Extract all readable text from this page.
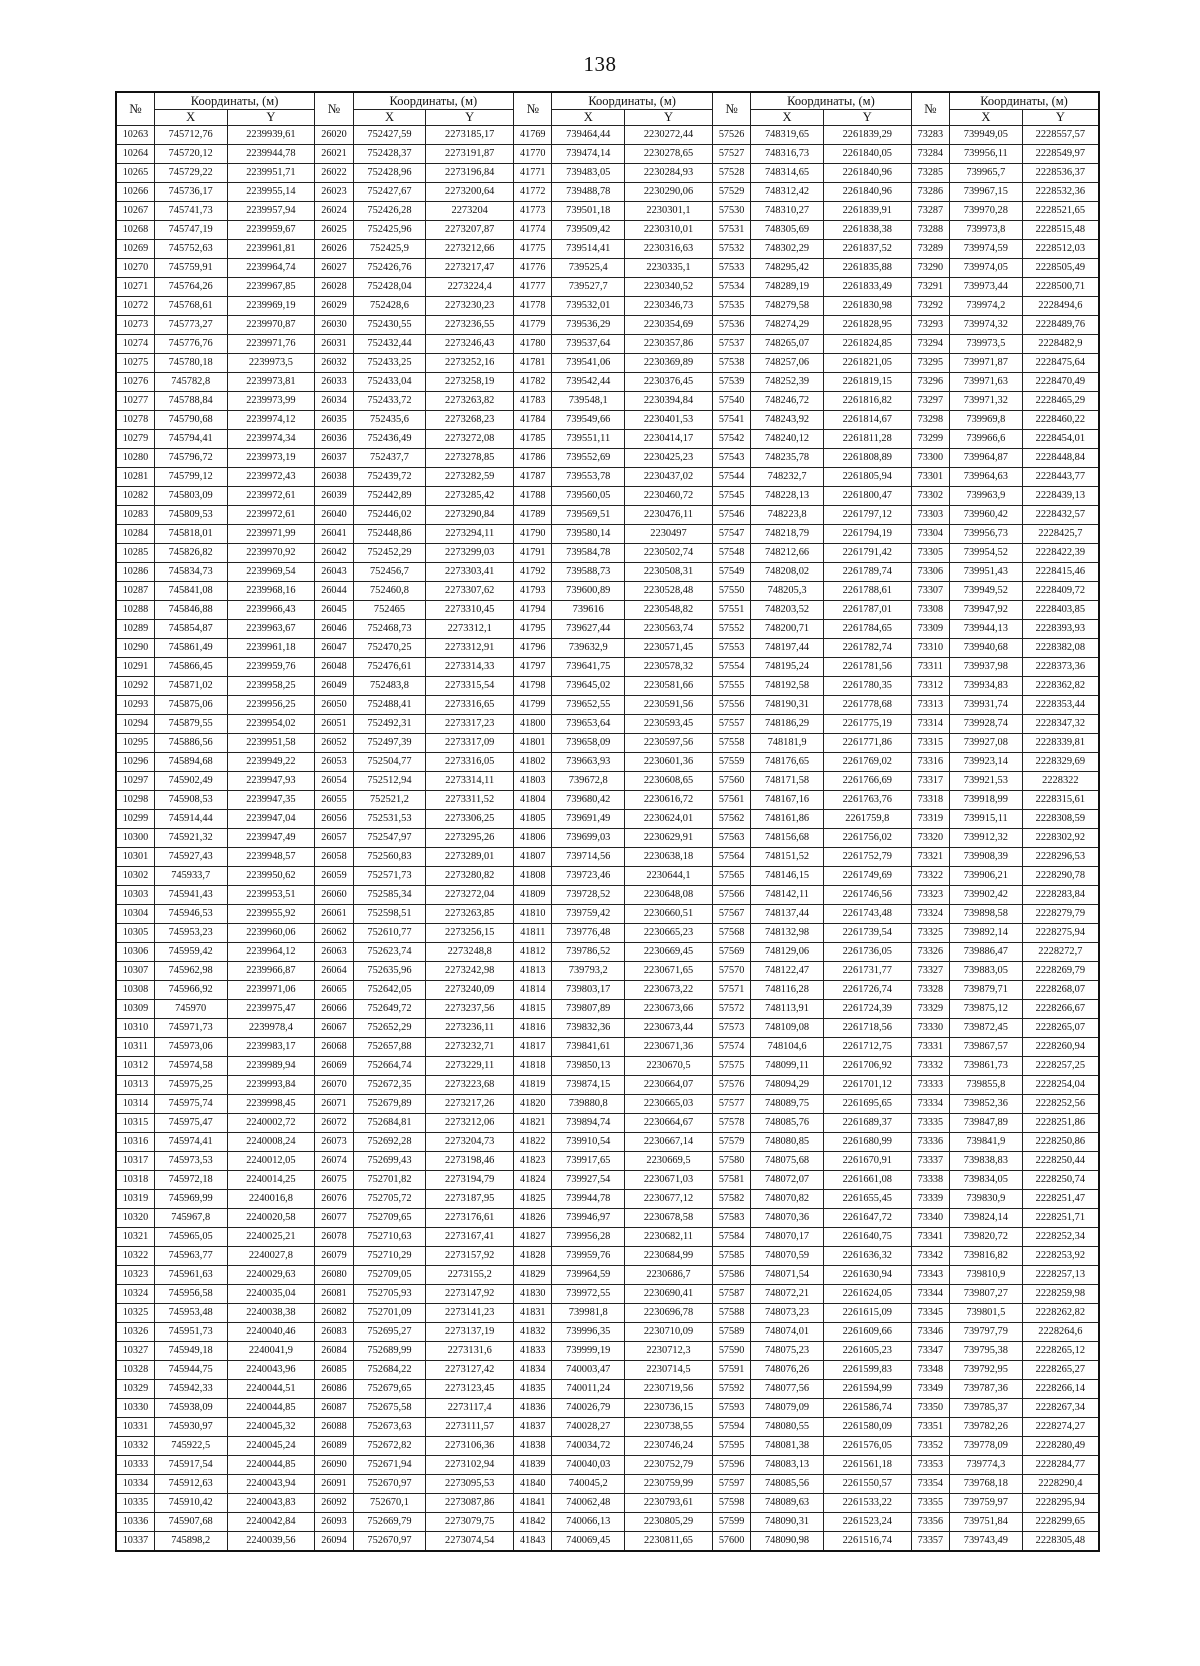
138
№	Координаты, (м)		№	Координаты, (м)		№	Координаты, (м)		№	Координаты, (м)		№	Координаты, (м)	
	X	Y		X	Y		X	Y		X	Y		X	Y
10263	745712,76	2239939,61	26020	752427,59	2273185,17	41769	739464,44	2230272,44	57526	748319,65	2261839,29	73283	739949,05	2228557,57
10264	745720,12	2239944,78	26021	752428,37	2273191,87	41770	739474,14	2230278,65	57527	748316,73	2261840,05	73284	739956,11	2228549,97
10265	745729,22	2239951,71	26022	752428,96	2273196,84	41771	739483,05	2230284,93	57528	748314,65	2261840,96	73285	739965,7	2228536,37
10266	745736,17	2239955,14	26023	752427,67	2273200,64	41772	739488,78	2230290,06	57529	748312,42	2261840,96	73286	739967,15	2228532,36
10267	745741,73	2239957,94	26024	752426,28	2273204	41773	739501,18	2230301,1	57530	748310,27	2261839,91	73287	739970,28	2228521,65
10268	745747,19	2239959,67	26025	752425,96	2273207,87	41774	739509,42	2230310,01	57531	748305,69	2261838,38	73288	739973,8	2228515,48
10269	745752,63	2239961,81	26026	752425,9	2273212,66	41775	739514,41	2230316,63	57532	748302,29	2261837,52	73289	739974,59	2228512,03
10270	745759,91	2239964,74	26027	752426,76	2273217,47	41776	739525,4	2230335,1	57533	748295,42	2261835,88	73290	739974,05	2228505,49
10271	745764,26	2239967,85	26028	752428,04	2273224,4	41777	739527,7	2230340,52	57534	748289,19	2261833,49	73291	739973,44	2228500,71
10272	745768,61	2239969,19	26029	752428,6	2273230,23	41778	739532,01	2230346,73	57535	748279,58	2261830,98	73292	739974,2	2228494,6
10273	745773,27	2239970,87	26030	752430,55	2273236,55	41779	739536,29	2230354,69	57536	748274,29	2261828,95	73293	739974,32	2228489,76
10274	745776,76	2239971,76	26031	752432,44	2273246,43	41780	739537,64	2230357,86	57537	748265,07	2261824,85	73294	739973,5	2228482,9
10275	745780,18	2239973,5	26032	752433,25	2273252,16	41781	739541,06	2230369,89	57538	748257,06	2261821,05	73295	739971,87	2228475,64
10276	745782,8	2239973,81	26033	752433,04	2273258,19	41782	739542,44	2230376,45	57539	748252,39	2261819,15	73296	739971,63	2228470,49
10277	745788,84	2239973,99	26034	752433,72	2273263,82	41783	739548,1	2230394,84	57540	748246,72	2261816,82	73297	739971,32	2228465,29
10278	745790,68	2239974,12	26035	752435,6	2273268,23	41784	739549,66	2230401,53	57541	748243,92	2261814,67	73298	739969,8	2228460,22
10279	745794,41	2239974,34	26036	752436,49	2273272,08	41785	739551,11	2230414,17	57542	748240,12	2261811,28	73299	739966,6	2228454,01
10280	745796,72	2239973,19	26037	752437,7	2273278,85	41786	739552,69	2230425,23	57543	748235,78	2261808,89	73300	739964,87	2228448,84
10281	745799,12	2239972,43	26038	752439,72	2273282,59	41787	739553,78	2230437,02	57544	748232,7	2261805,94	73301	739964,63	2228443,77
10282	745803,09	2239972,61	26039	752442,89	2273285,42	41788	739560,05	2230460,72	57545	748228,13	2261800,47	73302	739963,9	2228439,13
10283	745809,53	2239972,61	26040	752446,02	2273290,84	41789	739569,51	2230476,11	57546	748223,8	2261797,12	73303	739960,42	2228432,57
10284	745818,01	2239971,99	26041	752448,86	2273294,11	41790	739580,14	2230497	57547	748218,79	2261794,19	73304	739956,73	2228425,7
10285	745826,82	2239970,92	26042	752452,29	2273299,03	41791	739584,78	2230502,74	57548	748212,66	2261791,42	73305	739954,52	2228422,39
10286	745834,73	2239969,54	26043	752456,7	2273303,41	41792	739588,73	2230508,31	57549	748208,02	2261789,74	73306	739951,43	2228415,46
10287	745841,08	2239968,16	26044	752460,8	2273307,62	41793	739600,89	2230528,48	57550	748205,3	2261788,61	73307	739949,52	2228409,72
10288	745846,88	2239966,43	26045	752465	2273310,45	41794	739616	2230548,82	57551	748203,52	2261787,01	73308	739947,92	2228403,85
10289	745854,87	2239963,67	26046	752468,73	2273312,1	41795	739627,44	2230563,74	57552	748200,71	2261784,65	73309	739944,13	2228393,93
10290	745861,49	2239961,18	26047	752470,25	2273312,91	41796	739632,9	2230571,45	57553	748197,44	2261782,74	73310	739940,68	2228382,08
10291	745866,45	2239959,76	26048	752476,61	2273314,33	41797	739641,75	2230578,32	57554	748195,24	2261781,56	73311	739937,98	2228373,36
10292	745871,02	2239958,25	26049	752483,8	2273315,54	41798	739645,02	2230581,66	57555	748192,58	2261780,35	73312	739934,83	2228362,82
10293	745875,06	2239956,25	26050	752488,41	2273316,65	41799	739652,55	2230591,56	57556	748190,31	2261778,68	73313	739931,74	2228353,44
10294	745879,55	2239954,02	26051	752492,31	2273317,23	41800	739653,64	2230593,45	57557	748186,29	2261775,19	73314	739928,74	2228347,32
10295	745886,56	2239951,58	26052	752497,39	2273317,09	41801	739658,09	2230597,56	57558	748181,9	2261771,86	73315	739927,08	2228339,81
10296	745894,68	2239949,22	26053	752504,77	2273316,05	41802	739663,93	2230601,36	57559	748176,65	2261769,02	73316	739923,14	2228329,69
10297	745902,49	2239947,93	26054	752512,94	2273314,11	41803	739672,8	2230608,65	57560	748171,58	2261766,69	73317	739921,53	2228322
10298	745908,53	2239947,35	26055	752521,2	2273311,52	41804	739680,42	2230616,72	57561	748167,16	2261763,76	73318	739918,99	2228315,61
10299	745914,44	2239947,04	26056	752531,53	2273306,25	41805	739691,49	2230624,01	57562	748161,86	2261759,8	73319	739915,11	2228308,59
10300	745921,32	2239947,49	26057	752547,97	2273295,26	41806	739699,03	2230629,91	57563	748156,68	2261756,02	73320	739912,32	2228302,92
10301	745927,43	2239948,57	26058	752560,83	2273289,01	41807	739714,56	2230638,18	57564	748151,52	2261752,79	73321	739908,39	2228296,53
10302	745933,7	2239950,62	26059	752571,73	2273280,82	41808	739723,46	2230644,1	57565	748146,15	2261749,69	73322	739906,21	2228290,78
10303	745941,43	2239953,51	26060	752585,34	2273272,04	41809	739728,52	2230648,08	57566	748142,11	2261746,56	73323	739902,42	2228283,84
10304	745946,53	2239955,92	26061	752598,51	2273263,85	41810	739759,42	2230660,51	57567	748137,44	2261743,48	73324	739898,58	2228279,79
10305	745953,23	2239960,06	26062	752610,77	2273256,15	41811	739776,48	2230665,23	57568	748132,98	2261739,54	73325	739892,14	2228275,94
10306	745959,42	2239964,12	26063	752623,74	2273248,8	41812	739786,52	2230669,45	57569	748129,06	2261736,05	73326	739886,47	2228272,7
10307	745962,98	2239966,87	26064	752635,96	2273242,98	41813	739793,2	2230671,65	57570	748122,47	2261731,77	73327	739883,05	2228269,79
10308	745966,92	2239971,06	26065	752642,05	2273240,09	41814	739803,17	2230673,22	57571	748116,28	2261726,74	73328	739879,71	2228268,07
10309	745970	2239975,47	26066	752649,72	2273237,56	41815	739807,89	2230673,66	57572	748113,91	2261724,39	73329	739875,12	2228266,67
10310	745971,73	2239978,4	26067	752652,29	2273236,11	41816	739832,36	2230673,44	57573	748109,08	2261718,56	73330	739872,45	2228265,07
10311	745973,06	2239983,17	26068	752657,88	2273232,71	41817	739841,61	2230671,36	57574	748104,6	2261712,75	73331	739867,57	2228260,94
10312	745974,58	2239989,94	26069	752664,74	2273229,11	41818	739850,13	2230670,5	57575	748099,11	2261706,92	73332	739861,73	2228257,25
10313	745975,25	2239993,84	26070	752672,35	2273223,68	41819	739874,15	2230664,07	57576	748094,29	2261701,12	73333	739855,8	2228254,04
10314	745975,74	2239998,45	26071	752679,89	2273217,26	41820	739880,8	2230665,03	57577	748089,75	2261695,65	73334	739852,36	2228252,56
10315	745975,47	2240002,72	26072	752684,81	2273212,06	41821	739894,74	2230664,67	57578	748085,76	2261689,37	73335	739847,89	2228251,86
10316	745974,41	2240008,24	26073	752692,28	2273204,73	41822	739910,54	2230667,14	57579	748080,85	2261680,99	73336	739841,9	2228250,86
10317	745973,53	2240012,05	26074	752699,43	2273198,46	41823	739917,65	2230669,5	57580	748075,68	2261670,91	73337	739838,83	2228250,44
10318	745972,18	2240014,25	26075	752701,82	2273194,79	41824	739927,54	2230671,03	57581	748072,07	2261661,08	73338	739834,05	2228250,74
10319	745969,99	2240016,8	26076	752705,72	2273187,95	41825	739944,78	2230677,12	57582	748070,82	2261655,45	73339	739830,9	2228251,47
10320	745967,8	2240020,58	26077	752709,65	2273176,61	41826	739946,97	2230678,58	57583	748070,36	2261647,72	73340	739824,14	2228251,71
10321	745965,05	2240025,21	26078	752710,63	2273167,41	41827	739956,28	2230682,11	57584	748070,17	2261640,75	73341	739820,72	2228252,34
10322	745963,77	2240027,8	26079	752710,29	2273157,92	41828	739959,76	2230684,99	57585	748070,59	2261636,32	73342	739816,82	2228253,92
10323	745961,63	2240029,63	26080	752709,05	2273155,2	41829	739964,59	2230686,7	57586	748071,54	2261630,94	73343	739810,9	2228257,13
10324	745956,58	2240035,04	26081	752705,93	2273147,92	41830	739972,55	2230690,41	57587	748072,21	2261624,05	73344	739807,27	2228259,98
10325	745953,48	2240038,38	26082	752701,09	2273141,23	41831	739981,8	2230696,78	57588	748073,23	2261615,09	73345	739801,5	2228262,82
10326	745951,73	2240040,46	26083	752695,27	2273137,19	41832	739996,35	2230710,09	57589	748074,01	2261609,66	73346	739797,79	2228264,6
10327	745949,18	2240041,9	26084	752689,99	2273131,6	41833	739999,19	2230712,3	57590	748075,23	2261605,23	73347	739795,38	2228265,12
10328	745944,75	2240043,96	26085	752684,22	2273127,42	41834	740003,47	2230714,5	57591	748076,26	2261599,83	73348	739792,95	2228265,27
10329	745942,33	2240044,51	26086	752679,65	2273123,45	41835	740011,24	2230719,56	57592	748077,56	2261594,99	73349	739787,36	2228266,14
10330	745938,09	2240044,85	26087	752675,58	2273117,4	41836	740026,79	2230736,15	57593	748079,09	2261586,74	73350	739785,37	2228267,34
10331	745930,97	2240045,32	26088	752673,63	2273111,57	41837	740028,27	2230738,55	57594	748080,55	2261580,09	73351	739782,26	2228274,27
10332	745922,5	2240045,24	26089	752672,82	2273106,36	41838	740034,72	2230746,24	57595	748081,38	2261576,05	73352	739778,09	2228280,49
10333	745917,54	2240044,85	26090	752671,94	2273102,94	41839	740040,03	2230752,79	57596	748083,13	2261561,18	73353	739774,3	2228284,77
10334	745912,63	2240043,94	26091	752670,97	2273095,53	41840	740045,2	2230759,99	57597	748085,56	2261550,57	73354	739768,18	2228290,4
10335	745910,42	2240043,83	26092	752670,1	2273087,86	41841	740062,48	2230793,61	57598	748089,63	2261533,22	73355	739759,97	2228295,94
10336	745907,68	2240042,84	26093	752669,79	2273079,75	41842	740066,13	2230805,29	57599	748090,31	2261523,24	73356	739751,84	2228299,65
10337	745898,2	2240039,56	26094	752670,97	2273074,54	41843	740069,45	2230811,65	57600	748090,98	2261516,74	73357	739743,49	2228305,48
